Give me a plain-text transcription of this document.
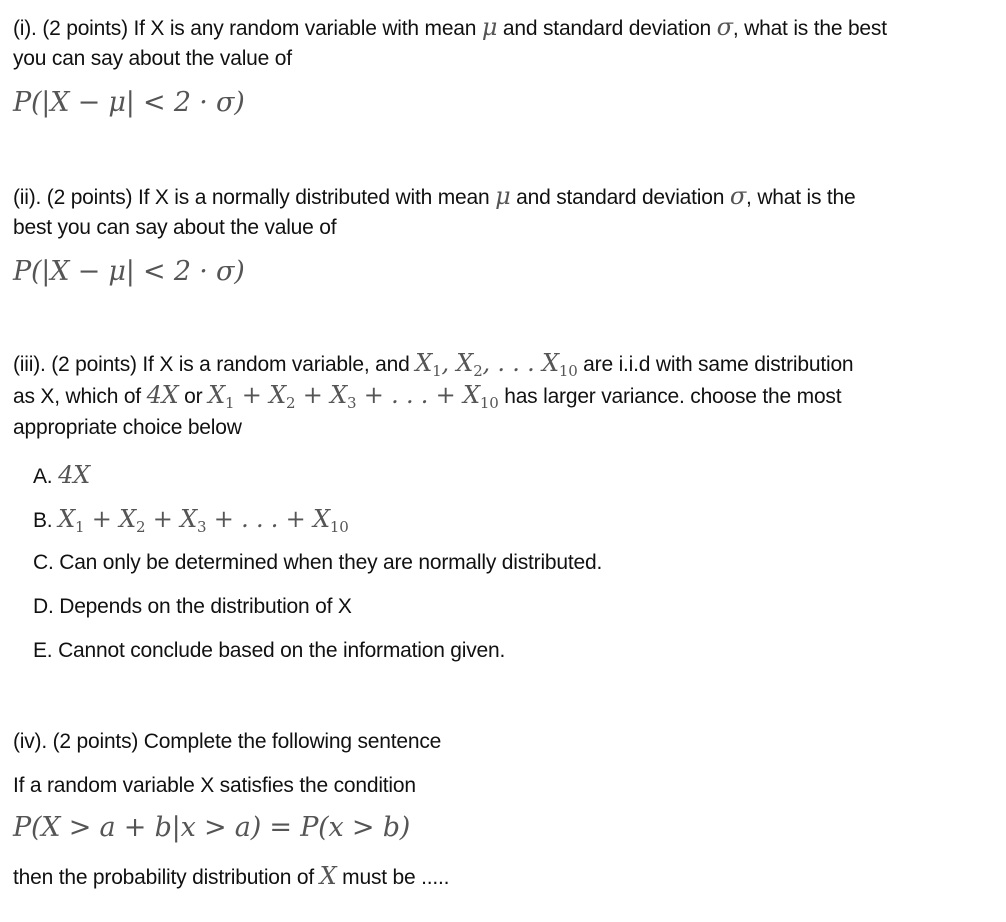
(i). (2 points) If X is any random variable with mean μ and standard deviation σ, what is the best
you can say about the value of
P(|X − μ| < 2 · σ)
(ii). (2 points) If X is a normally distributed with mean μ and standard deviation σ, what is the
best you can say about the value of
P(|X − μ| < 2 · σ)
(iii). (2 points) If X is a random variable, and $X_1$, $X_2$, . . . $X_{10}$ are i.i.d with same distribution
as X, which of 4X or $X_1 + X_2 + X_3$ + . . . + $X_{10}$ has larger variance. choose the most
appropriate choice below
A. 4X
B. $X_1 + X_2 + X_3$ + . . . + $X_{10}$
C. Can only be determined when they are normally distributed.
D. Depends on the distribution of X
E. Cannot conclude based on the information given.
(iv). (2 points) Complete the following sentence
If a random variable X satisfies the condition
P(X > a + b|x > a) = P(x > b)
then the probability distribution of X must be .....
